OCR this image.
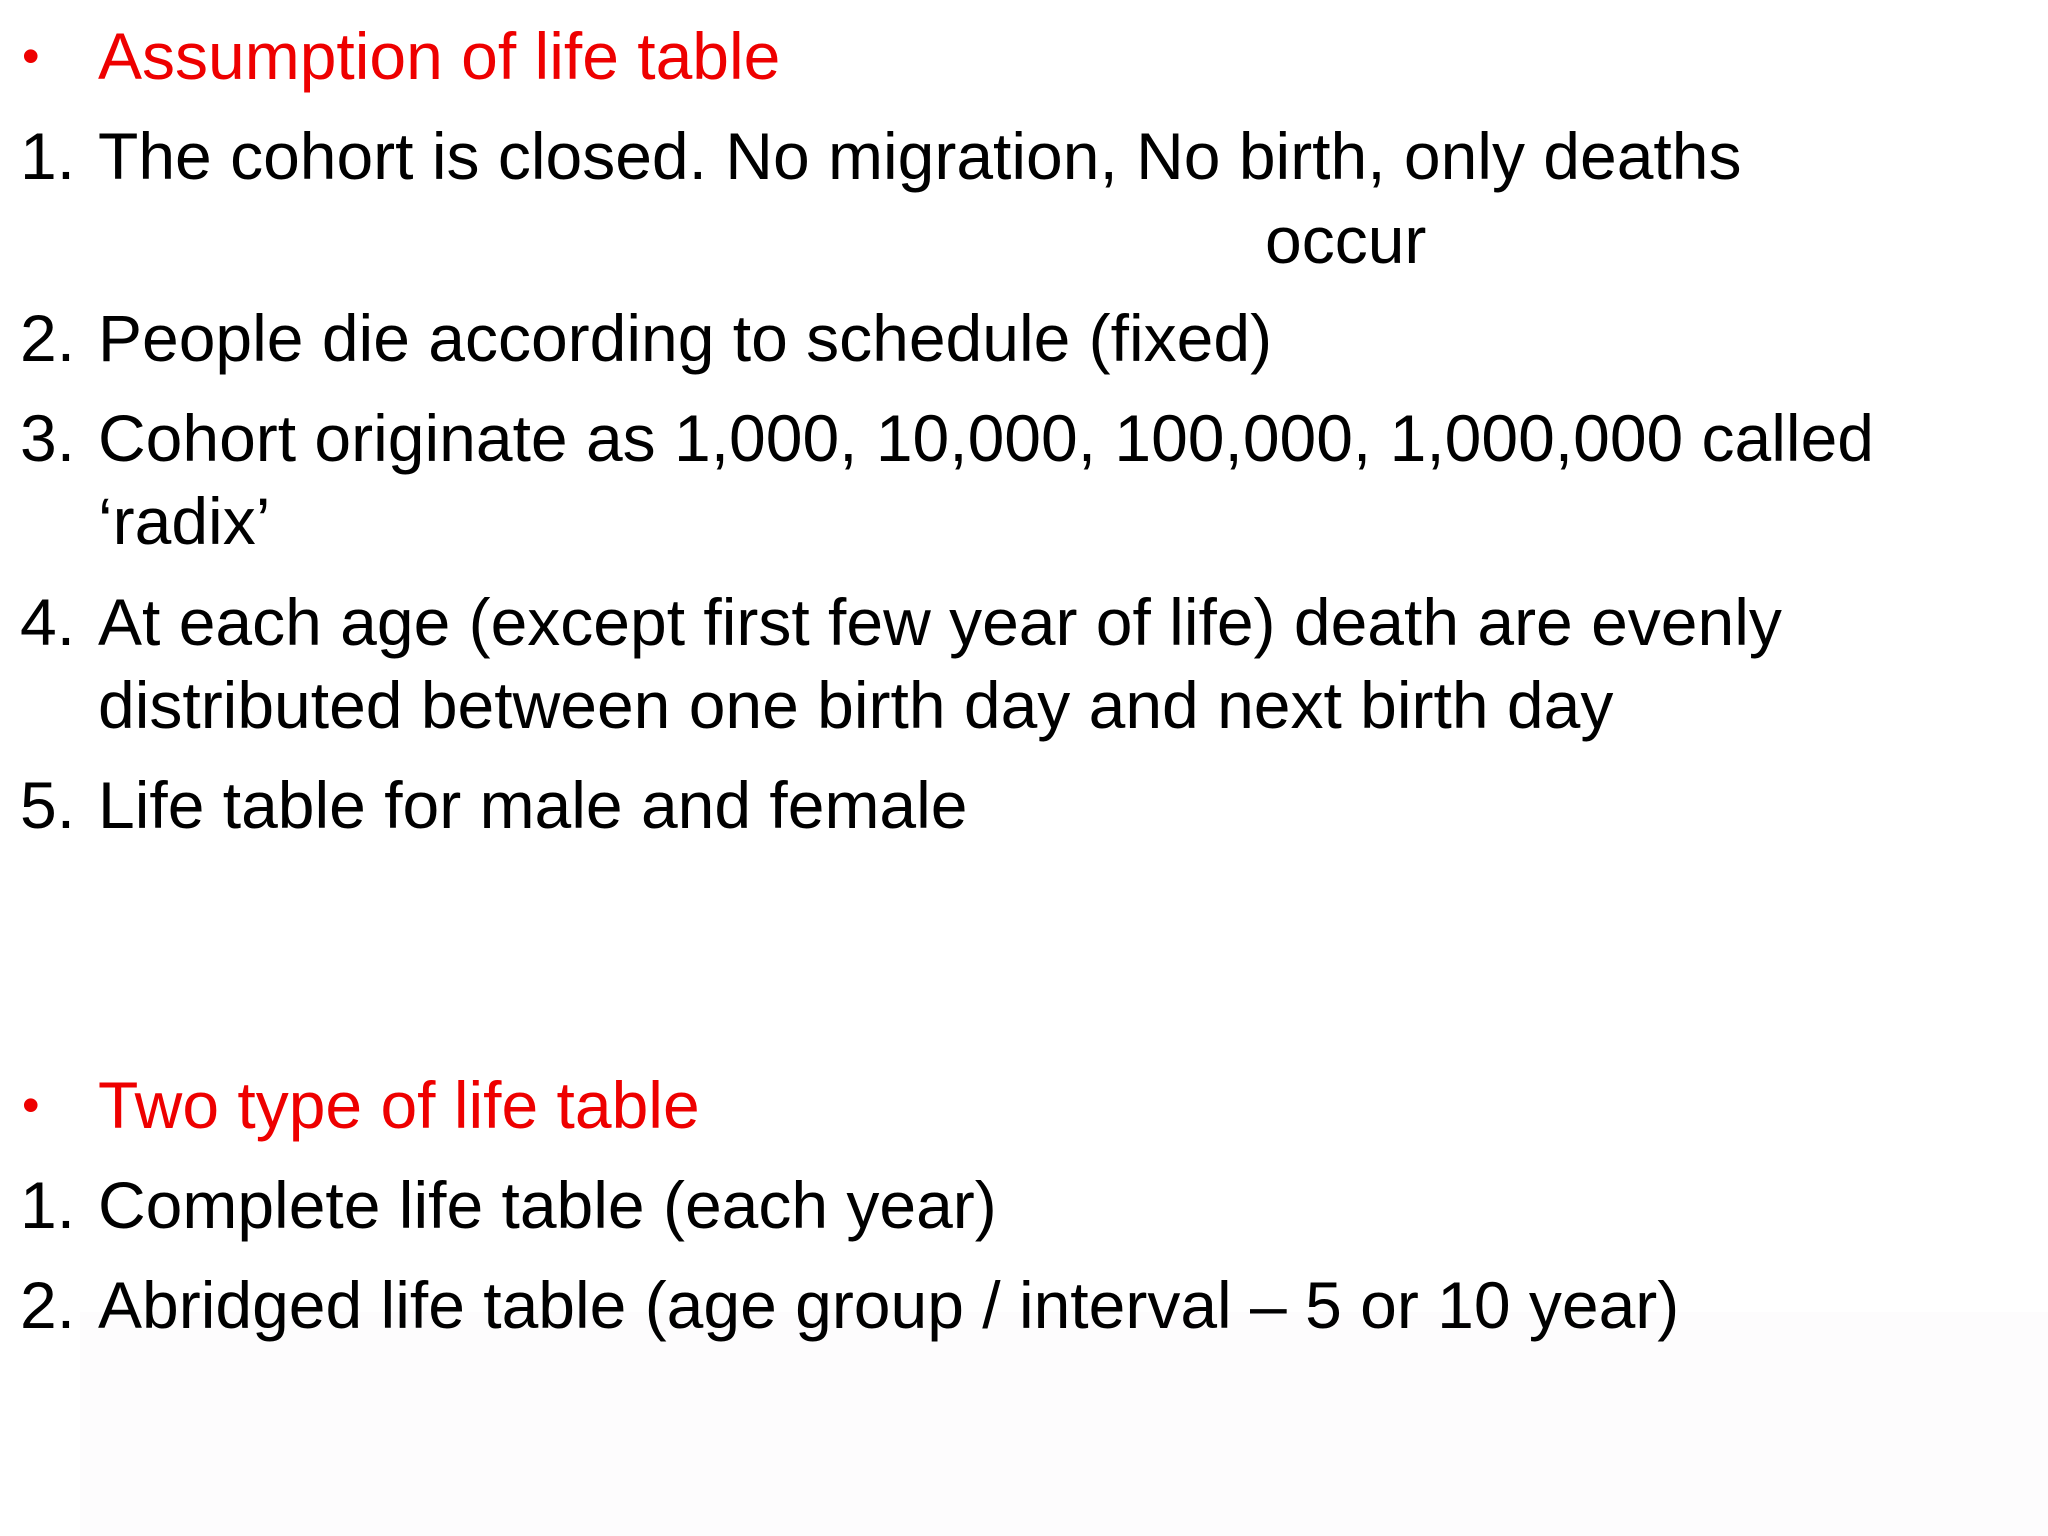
• Assumption of life table
1. The cohort is closed. No migration, No birth, only deaths
occur
2. People die according to schedule (fixed)
3. Cohort originate as 1,000, 10,000, 100,000, 1,000,000 called
‘radix’
4. At each age (except first few year of life) death are evenly
distributed between one birth day and next birth day
5. Life table for male and female
• Two type of life table
1. Complete life table (each year)
2. Abridged life table (age group / interval – 5 or 10 year)
